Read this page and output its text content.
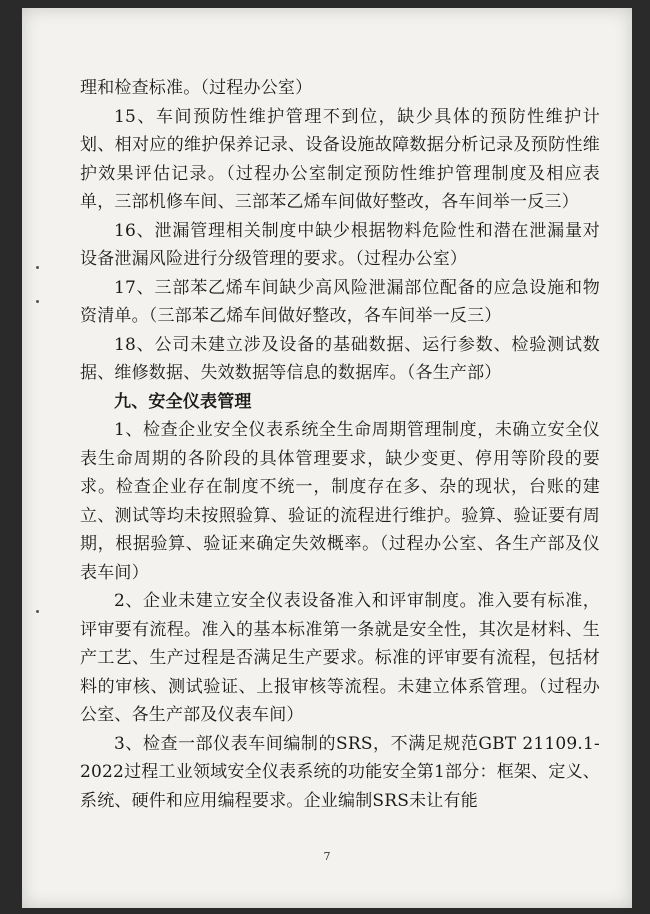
理和检查标准。（过程办公室）

15、车间预防性维护管理不到位，缺少具体的预防性维护计划、相对应的维护保养记录、设备设施故障数据分析记录及预防性维护效果评估记录。（过程办公室制定预防性维护管理制度及相应表单，三部机修车间、三部苯乙烯车间做好整改，各车间举一反三）

16、泄漏管理相关制度中缺少根据物料危险性和潜在泄漏量对设备泄漏风险进行分级管理的要求。（过程办公室）

17、三部苯乙烯车间缺少高风险泄漏部位配备的应急设施和物资清单。（三部苯乙烯车间做好整改，各车间举一反三）

18、公司未建立涉及设备的基础数据、运行参数、检验测试数据、维修数据、失效数据等信息的数据库。（各生产部）

九、安全仪表管理

1、检查企业安全仪表系统全生命周期管理制度，未确立安全仪表生命周期的各阶段的具体管理要求，缺少变更、停用等阶段的要求。检查企业存在制度不统一，制度存在多、杂的现状，台账的建立、测试等均未按照验算、验证的流程进行维护。验算、验证要有周期，根据验算、验证来确定失效概率。（过程办公室、各生产部及仪表车间）

2、企业未建立安全仪表设备准入和评审制度。准入要有标准，评审要有流程。准入的基本标准第一条就是安全性，其次是材料、生产工艺、生产过程是否满足生产要求。标准的评审要有流程，包括材料的审核、测试验证、上报审核等流程。未建立体系管理。（过程办公室、各生产部及仪表车间）

3、检查一部仪表车间编制的SRS，不满足规范GBT 21109.1-2022过程工业领域安全仪表系统的功能安全第1部分：框架、定义、系统、硬件和应用编程要求。企业编制SRS未让有能

7
